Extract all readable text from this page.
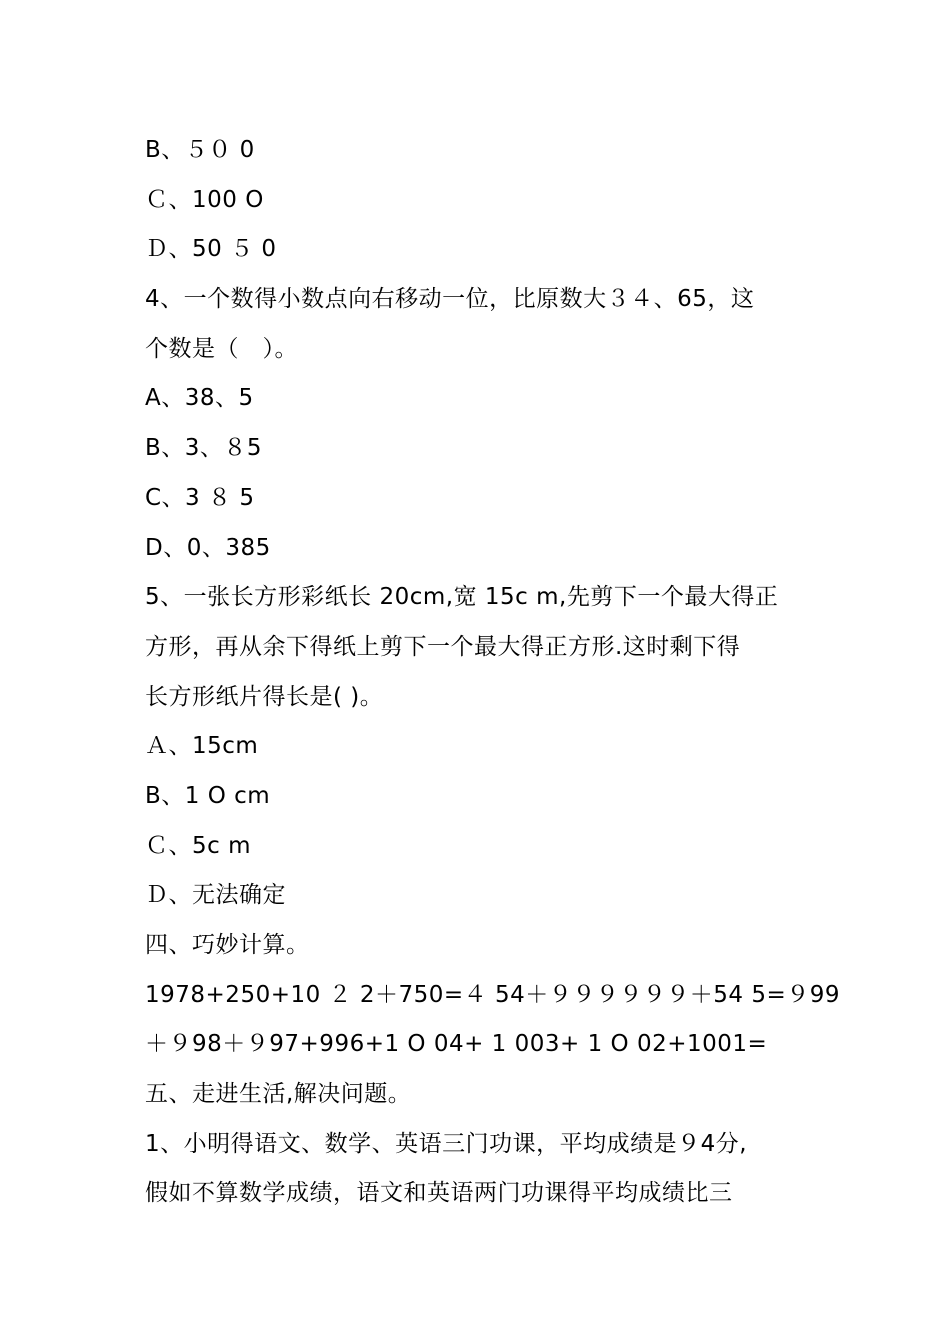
B、５０ 0
Ｃ、100 O
Ｄ、50 ５ 0
4、一个数得小数点向右移动一位，比原数大３４、65，这
个数是（　）。
A、38、5
B、3、８5
C、3 ８ 5
D、0、385
5、一张长方形彩纸长 20cm,宽 15c m,先剪下一个最大得正
方形，再从余下得纸上剪下一个最大得正方形.这时剩下得
长方形纸片得长是( )。
Ａ、15cm
B、1 O cm
Ｃ、5c m
Ｄ、无法确定
四、巧妙计算。
1978+250+10 ２ 2＋750=４ 54＋９９９９９９＋54 5=９99
＋９98＋９97+996+1 O 04+ 1 003+ 1 O 02+1001=
五、走进生活,解决问题。
1、小明得语文、数学、英语三门功课，平均成绩是９4分,
假如不算数学成绩，语文和英语两门功课得平均成绩比三
